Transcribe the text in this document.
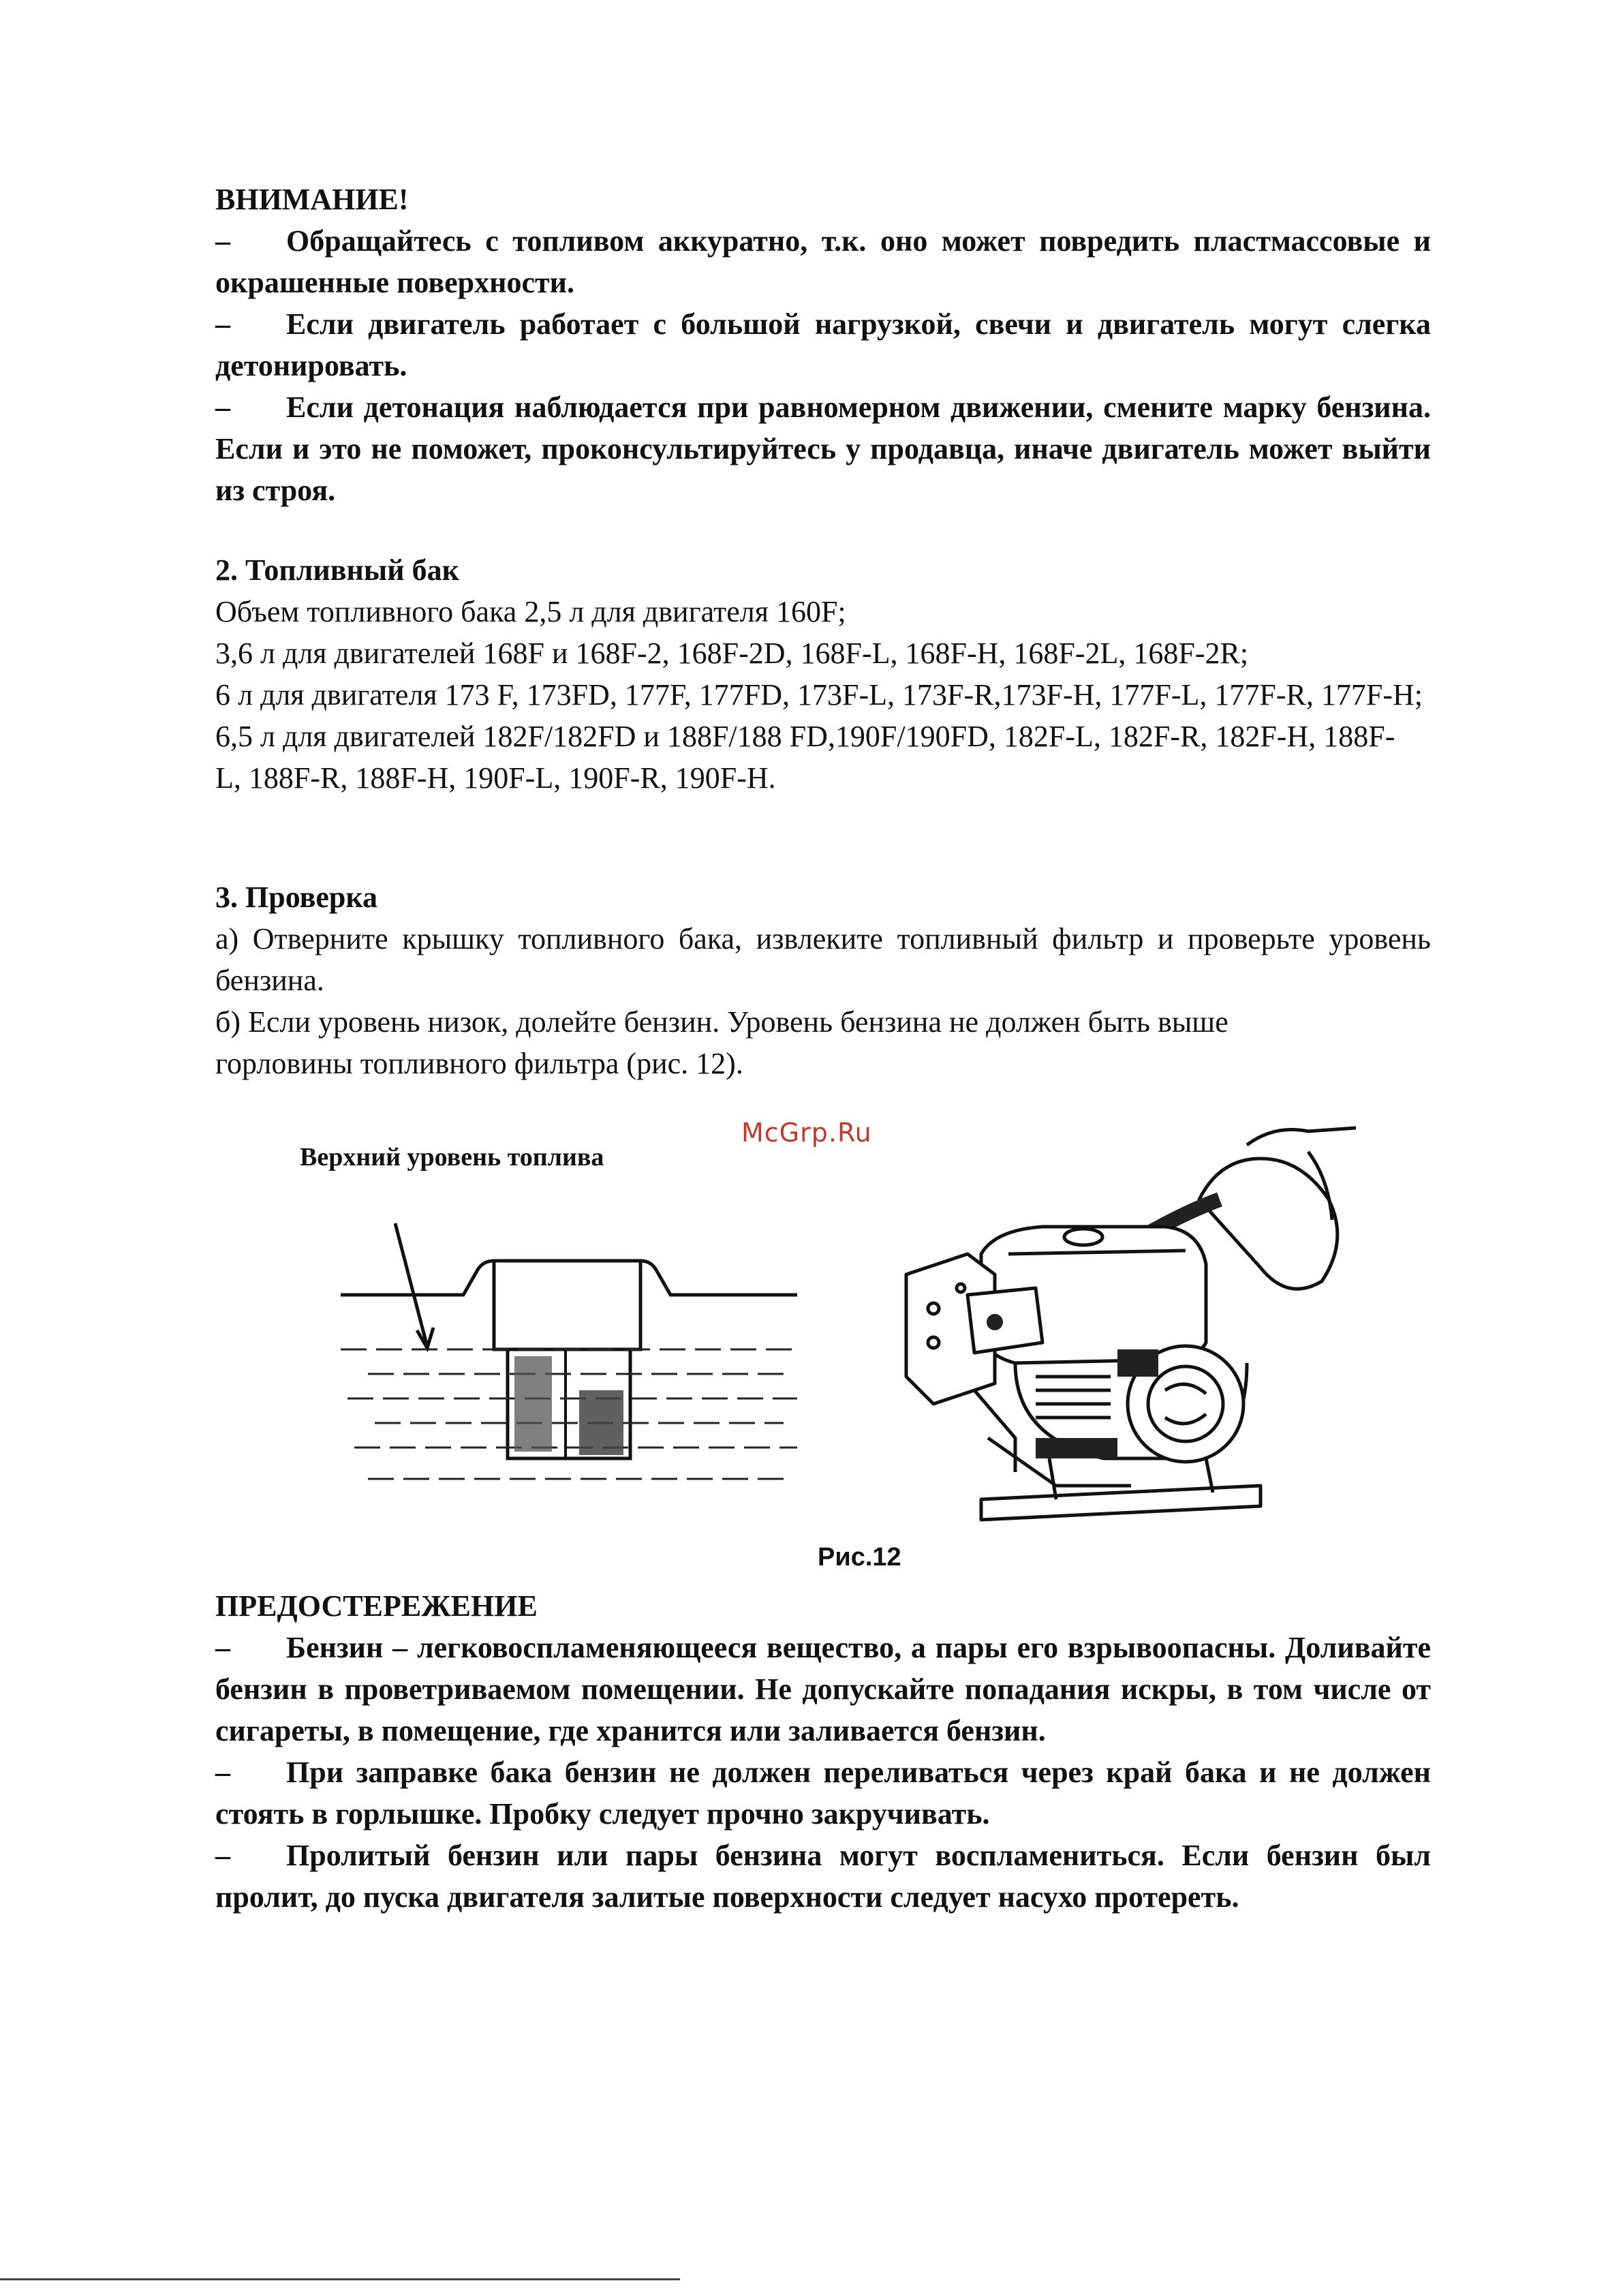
ВНИМАНИЕ!

– Обращайтесь с топливом аккуратно, т.к. оно может повредить пластмассовые и окрашенные поверхности.

– Если двигатель работает с большой нагрузкой, свечи и двигатель могут слегка детонировать.

– Если детонация наблюдается при равномерном движении, смените марку бензина. Если и это не поможет, проконсультируйтесь у продавца, иначе двигатель может выйти из строя.

2. Топливный бак

Объем топливного бака 2,5 л для двигателя 160F;

3,6 л для двигателей 168F и 168F-2, 168F-2D, 168F-L, 168F-H, 168F-2L, 168F-2R;

6 л для двигателя 173 F, 173FD, 177F, 177FD, 173F-L, 173F-R,173F-H, 177F-L, 177F-R, 177F-H;

6,5 л для двигателей 182F/182FD и 188F/188 FD,190F/190FD, 182F-L, 182F-R, 182F-H, 188F-L, 188F-R, 188F-H, 190F-L, 190F-R, 190F-H.

3. Проверка

а) Отверните крышку топливного бака, извлеките топливный фильтр и проверьте уровень бензина.

б) Если уровень низок, долейте бензин. Уровень бензина не должен быть выше горловины топливного фильтра (рис. 12).

McGrp.Ru
Верхний уровень топлива
Рис.12

ПРЕДОСТЕРЕЖЕНИЕ

– Бензин – легковоспламеняющееся вещество, а пары его взрывоопасны. Доливайте бензин в проветриваемом помещении. Не допускайте попадания искры, в том числе от сигареты, в помещение, где хранится или заливается бензин.

– При заправке бака бензин не должен переливаться через край бака и не должен стоять в горлышке. Пробку следует прочно закручивать.

– Пролитый бензин или пары бензина могут воспламениться. Если бензин был пролит, до пуска двигателя залитые поверхности следует насухо протереть.
